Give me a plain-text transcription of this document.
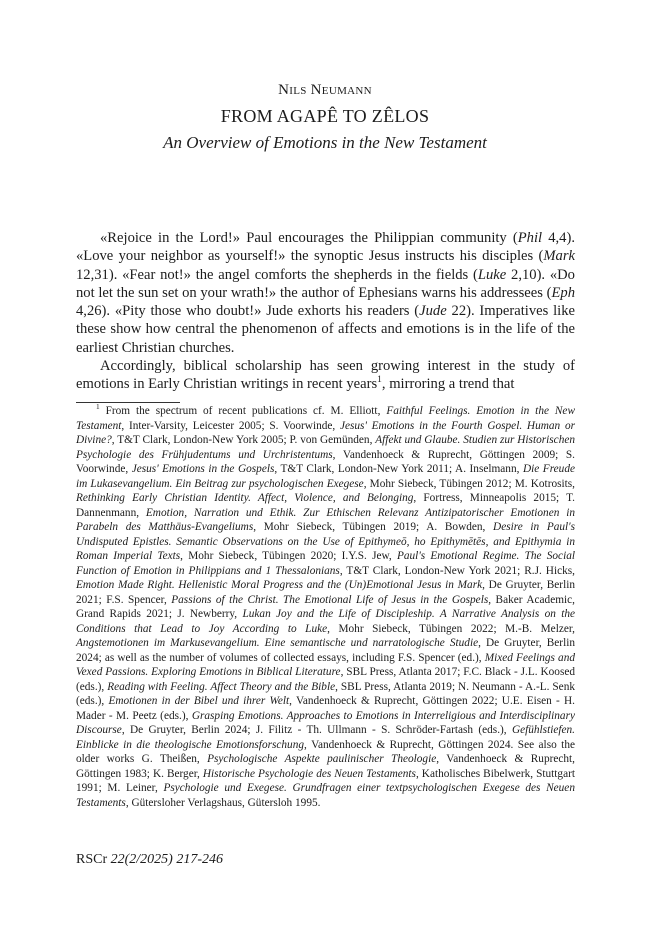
Nils Neumann
FROM AGAPÊ TO ZÊLOS
An Overview of Emotions in the New Testament

«Rejoice in the Lord!» Paul encourages the Philippian community (Phil 4,4). «Love your neighbor as yourself!» the synoptic Jesus instructs his disciples (Mark 12,31). «Fear not!» the angel comforts the shepherds in the fields (Luke 2,10). «Do not let the sun set on your wrath!» the author of Ephesians warns his addressees (Eph 4,26). «Pity those who doubt!» Jude exhorts his readers (Jude 22). Imperatives like these show how central the phenomenon of affects and emotions is in the life of the earliest Christian churches.

Accordingly, biblical scholarship has seen growing interest in the study of emotions in Early Christian writings in recent years$^1$, mirroring a trend that

$^1$ From the spectrum of recent publications cf. M. Elliott, Faithful Feelings. Emotion in the New Testament, Inter-Varsity, Leicester 2005; S. Voorwinde, Jesus' Emotions in the Fourth Gospel. Human or Divine?, T&T Clark, London-New York 2005; P. von Gemünden, Affekt und Glaube. Studien zur Historischen Psychologie des Frühjudentums und Urchristentums, Vandenhoeck & Ruprecht, Göttingen 2009; S. Voorwinde, Jesus' Emotions in the Gospels, T&T Clark, London-New York 2011; A. Inselmann, Die Freude im Lukasevangelium. Ein Beitrag zur psychologischen Exegese, Mohr Siebeck, Tübingen 2012; M. Kotrosits, Rethinking Early Christian Identity. Affect, Violence, and Belonging, Fortress, Minneapolis 2015; T. Dannenmann, Emotion, Narration und Ethik. Zur Ethischen Relevanz Antizipatorischer Emotionen in Parabeln des Matthäus-Evangeliums, Mohr Siebeck, Tübingen 2019; A. Bowden, Desire in Paul's Undisputed Epistles. Semantic Observations on the Use of Epithymeō, ho Epithymētēs, and Epithymia in Roman Imperial Texts, Mohr Siebeck, Tübingen 2020; I.Y.S. Jew, Paul's Emotional Regime. The Social Function of Emotion in Philippians and 1 Thessalonians, T&T Clark, London-New York 2021; R.J. Hicks, Emotion Made Right. Hellenistic Moral Progress and the (Un)Emotional Jesus in Mark, De Gruyter, Berlin 2021; F.S. Spencer, Passions of the Christ. The Emotional Life of Jesus in the Gospels, Baker Academic, Grand Rapids 2021; J. Newberry, Lukan Joy and the Life of Discipleship. A Narrative Analysis on the Conditions that Lead to Joy According to Luke, Mohr Siebeck, Tübingen 2022; M.-B. Melzer, Angstemotionen im Markusevangelium. Eine semantische und narratologische Studie, De Gruyter, Berlin 2024; as well as the number of volumes of collected essays, including F.S. Spencer (ed.), Mixed Feelings and Vexed Passions. Exploring Emotions in Biblical Literature, SBL Press, Atlanta 2017; F.C. Black - J.L. Koosed (eds.), Reading with Feeling. Affect Theory and the Bible, SBL Press, Atlanta 2019; N. Neumann - A.-L. Senk (eds.), Emotionen in der Bibel und ihrer Welt, Vandenhoeck & Ruprecht, Göttingen 2022; U.E. Eisen - H. Mader - M. Peetz (eds.), Grasping Emotions. Approaches to Emotions in Interreligious and Interdisciplinary Discourse, De Gruyter, Berlin 2024; J. Filitz - Th. Ullmann - S. Schröder-Fartash (eds.), Gefühlstiefen. Einblicke in die theologische Emotionsforschung, Vandenhoeck & Ruprecht, Göttingen 2024. See also the older works G. Theißen, Psychologische Aspekte paulinischer Theologie, Vandenhoeck & Ruprecht, Göttingen 1983; K. Berger, Historische Psychologie des Neuen Testaments, Katholisches Bibelwerk, Stuttgart 1991; M. Leiner, Psychologie und Exegese. Grundfragen einer textpsychologischen Exegese des Neuen Testaments, Gütersloher Verlagshaus, Gütersloh 1995.

RSCr 22(2/2025) 217-246
